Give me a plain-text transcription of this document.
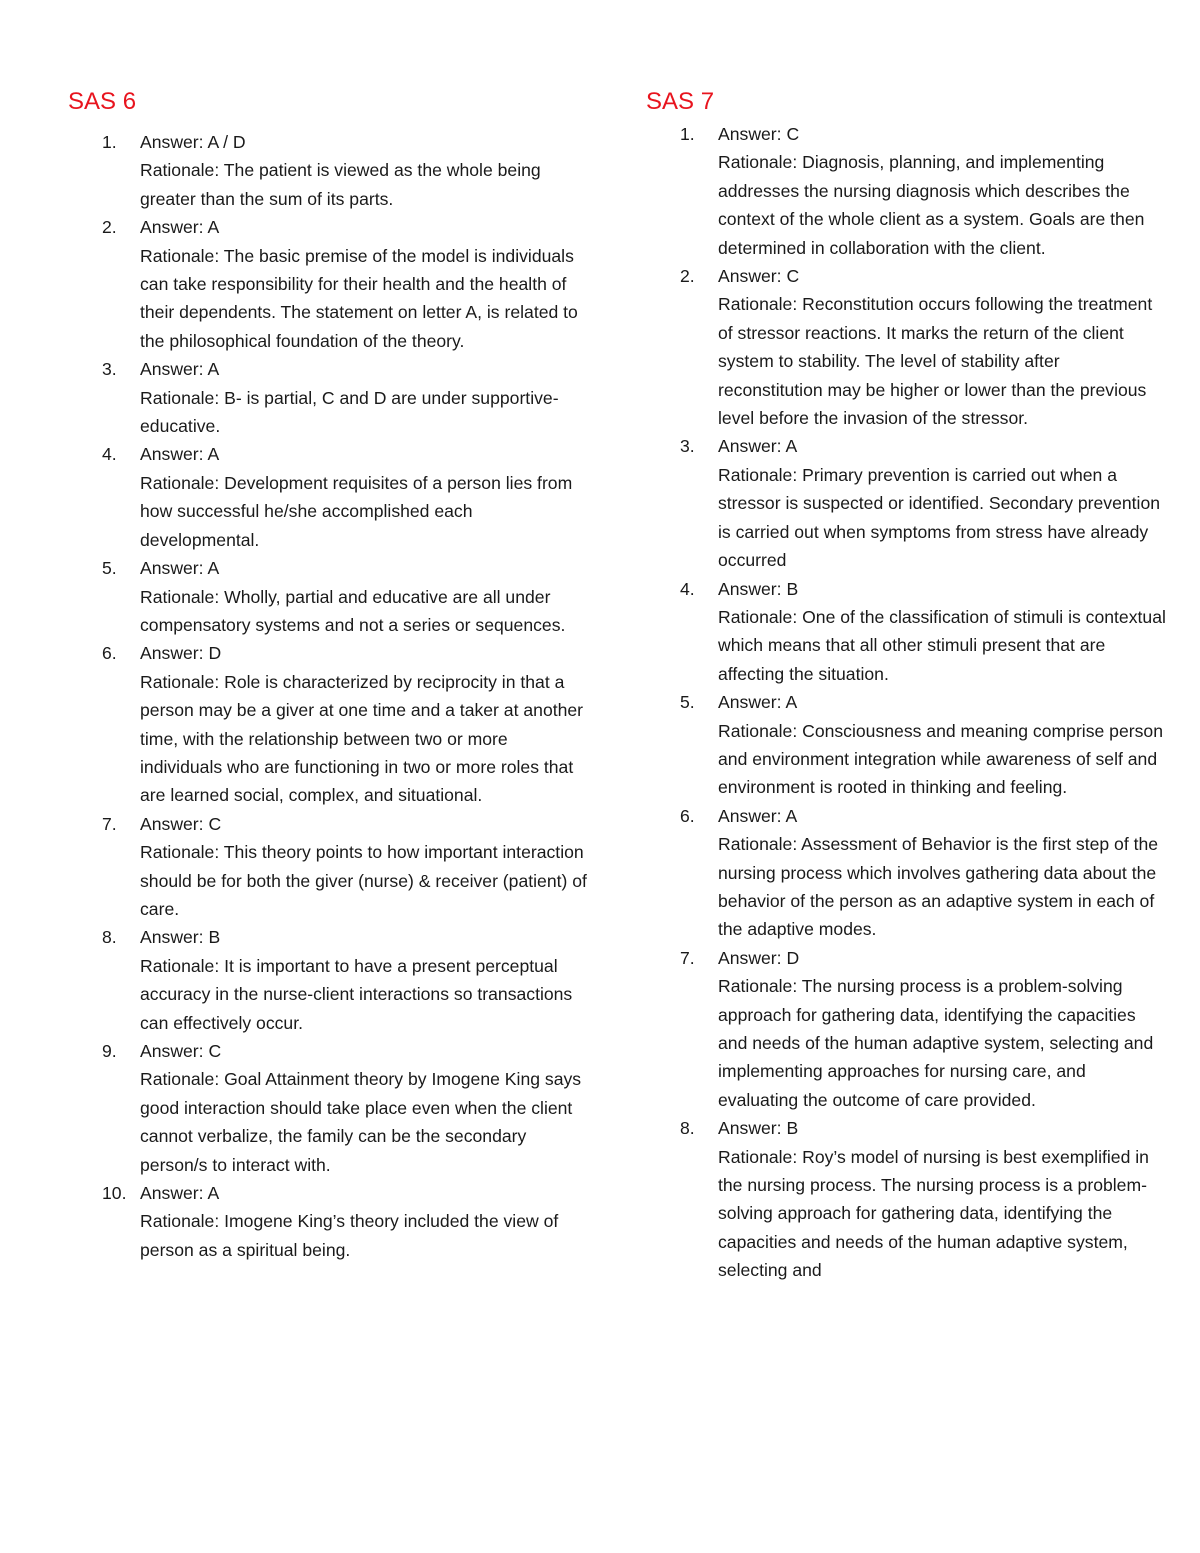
SAS 6
1.	Answer: A / D
Rationale: The patient is viewed as the whole being greater than the sum of its parts.
2.	Answer: A
Rationale: The basic premise of the model is individuals can take responsibility for their health and the health of their dependents. The statement on letter A, is related to the philosophical foundation of the theory.
3.	Answer: A
Rationale: B- is partial, C and D are under supportive- educative.
4.	Answer: A
Rationale: Development requisites of a person lies from how successful he/she accomplished each developmental.
5.	Answer: A
Rationale: Wholly, partial and educative are all under compensatory systems and not a series or sequences.
6.	Answer: D
Rationale: Role is characterized by reciprocity in that a person may be a giver at one time and a taker at another time, with the relationship between two or more individuals who are functioning in two or more roles that are learned social, complex, and situational.
7.	Answer: C
Rationale: This theory points to how important interaction should be for both the giver (nurse) & receiver (patient) of care.
8.	Answer: B
Rationale: It is important to have a present perceptual accuracy in the nurse-client interactions so transactions can effectively occur.
9.	Answer: C
Rationale: Goal Attainment theory by Imogene King says good interaction should take place even when the client cannot verbalize, the family can be the secondary person/s to interact with.
10. Answer: A
Rationale: Imogene King’s theory included the view of person as a spiritual being.
SAS 7
1.	Answer: C
Rationale: Diagnosis, planning, and implementing addresses the nursing diagnosis which describes the context of the whole client as a system. Goals are then determined in collaboration with the client.
2.	Answer: C
Rationale: Reconstitution occurs following the treatment of stressor reactions. It marks the return of the client system to stability. The level of stability after reconstitution may be higher or lower than the previous level before the invasion of the stressor.
3.	Answer: A
Rationale: Primary prevention is carried out when a stressor is suspected or identified. Secondary prevention is carried out when symptoms from stress have already occurred
4.	Answer: B
Rationale: One of the classification of stimuli is contextual which means that all other stimuli present that are affecting the situation.
5.	Answer: A
Rationale: Consciousness and meaning comprise person and environment integration while awareness of self and environment is rooted in thinking and feeling.
6.	Answer: A
Rationale: Assessment of Behavior is the first step of the nursing process which involves gathering data about the behavior of the person as an adaptive system in each of the adaptive modes.
7.	Answer: D
Rationale: The nursing process is a problem-solving approach for gathering data, identifying the capacities and needs of the human adaptive system, selecting and implementing approaches for nursing care, and evaluating the outcome of care provided.
8.	Answer: B
Rationale: Roy’s model of nursing is best exemplified in the nursing process. The nursing process is a problem-solving approach for gathering data, identifying the capacities and needs of the human adaptive system, selecting and
